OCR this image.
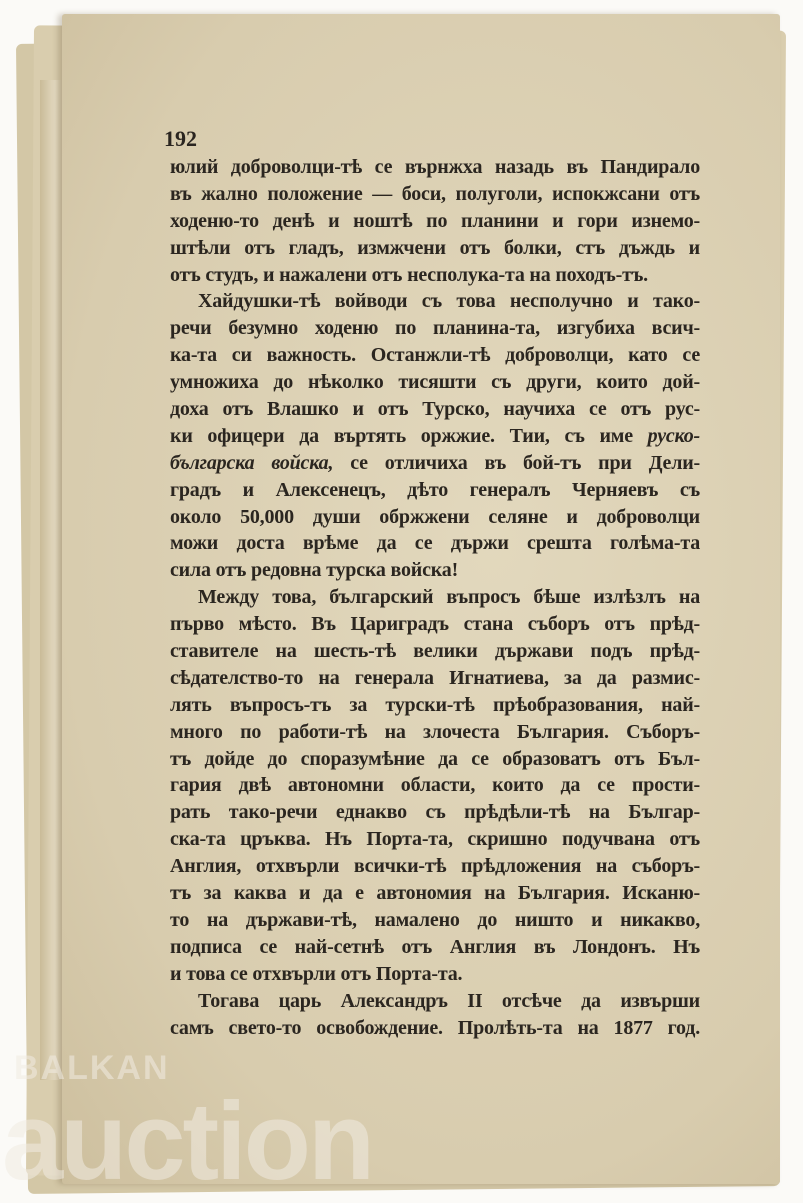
192
юлий доброволци-тѣ се върнжха назадь въ Пандирало
въ жално положение — боси, полуголи, испокжсани отъ
ходеню-то денѣ и ноштѣ по планини и гори изнемо-
штѣли отъ гладъ, измжчени отъ болки, стъ дъждь и
отъ студъ, и нажалени отъ несполука-та на походъ-тъ.
Хайдушки-тѣ войводи съ това несполучно и тако-
речи безумно ходеню по планина-та, изгубиха всич-
ка-та си важность. Останжли-тѣ доброволци, като се
умножиха до нѣколко тисяшти съ други, които дой-
доха отъ Влашко и отъ Турско, научиха се отъ рус-
ки офицери да въртять оржжие. Тии, съ име руско-
българска войска, се отличиха въ бой-тъ при Дели-
градъ и Алексенецъ, дѣто генералъ Черняевъ съ
около 50,000 души обржжени селяне и доброволци
можи доста врѣме да се държи срешта голѣма-та
сила отъ редовна турска войска!
Между това, българский въпросъ бѣше излѣзлъ на
първо мѣсто. Въ Цариградъ стана съборъ отъ прѣд-
ставителе на шесть-тѣ велики държави подъ прѣд-
сѣдателство-то на генерала Игнатиева, за да размис-
лять въпросъ-тъ за турски-тѣ прѣобразования, най-
много по работи-тѣ на злочеста България. Съборъ-
тъ дойде до споразумѣние да се образоватъ отъ Бъл-
гария двѣ автономни области, които да се прости-
рать тако-речи еднакво съ прѣдѣли-тѣ на Българ-
ска-та цръква. Нъ Порта-та, скришно подучвана отъ
Англия, отхвърли всички-тѣ прѣдложения на съборъ-
тъ за каква и да е автономия на България. Исканю-
то на държави-тѣ, намалено до ништо и никакво,
подписа се най-сетнѣ отъ Англия въ Лондонъ. Нъ
и това се отхвърли отъ Порта-та.
Тогава царь Александръ II отсѣче да извърши
самъ свето-то освобождение. Пролѣть-та на 1877 год.
BALKAN
auction
